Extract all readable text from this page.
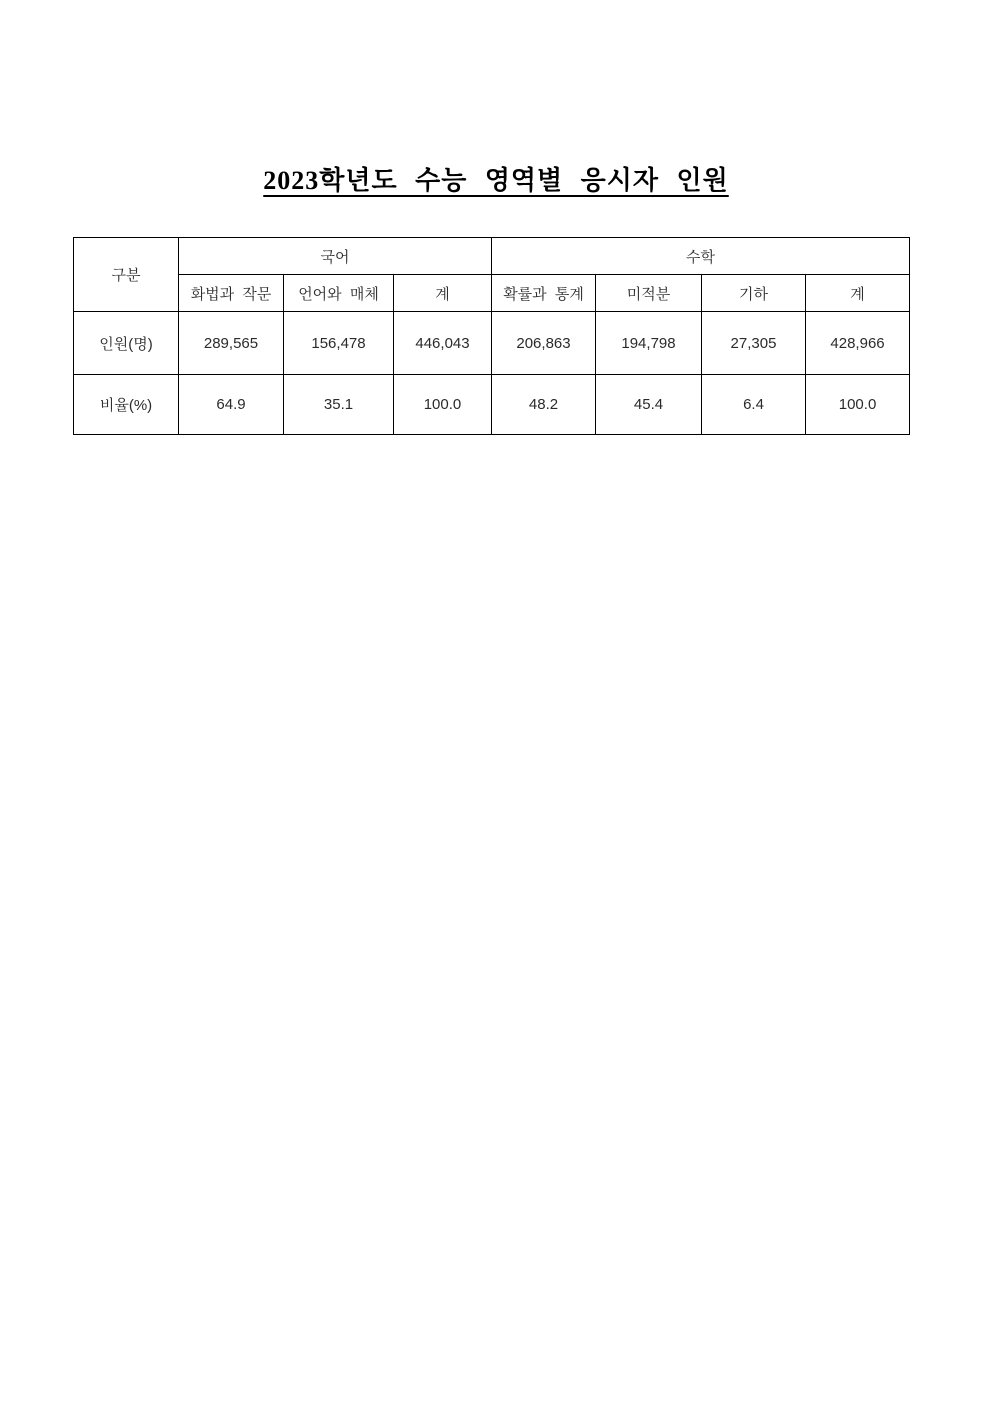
2023학년도 수능 영역별 응시자 인원
구분	국어			수학			
	화법과 작문	언어와 매체	계	확률과 통계	미적분	기하	계
인원(명)	289,565	156,478	446,043	206,863	194,798	27,305	428,966
비율(%)	64.9	35.1	100.0	48.2	45.4	6.4	100.0
